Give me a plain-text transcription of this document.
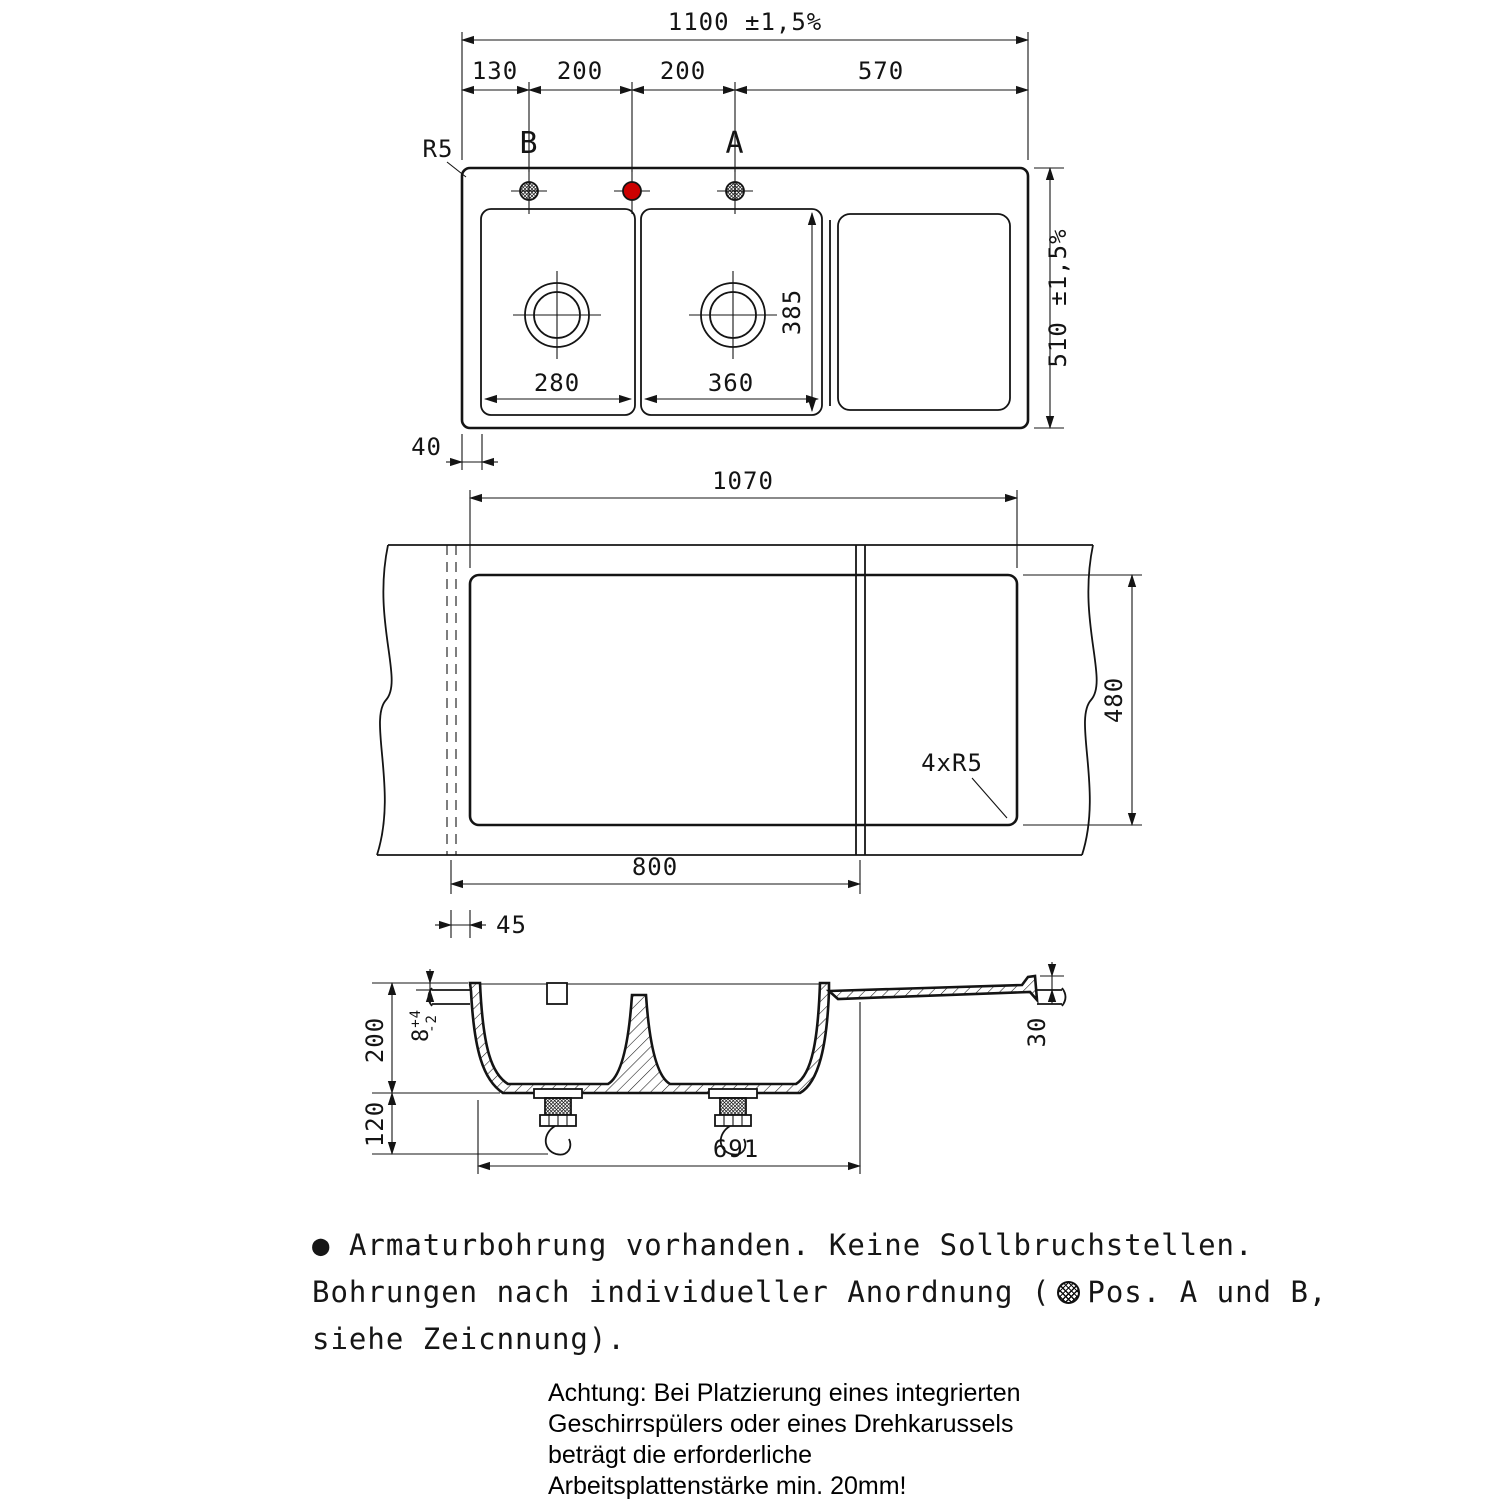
1100 ±1,5%
130 200 200	570
B	A
R5
385
280	360
510 ±1,5%
40
1070
480
4xR5
800
45
$8^{+4}-2$
200
120
30
691
● Armaturbohrung vorhanden. Keine Sollbruchstellen.
Bohrungen nach individueller Anordnung ( Pos. A und B,
siehe Zeicnnung).
Achtung: Bei Platzierung eines integrierten
Geschirrspülers oder eines Drehkarussels
beträgt die erforderliche
Arbeitsplattenstärke min. 20mm!
